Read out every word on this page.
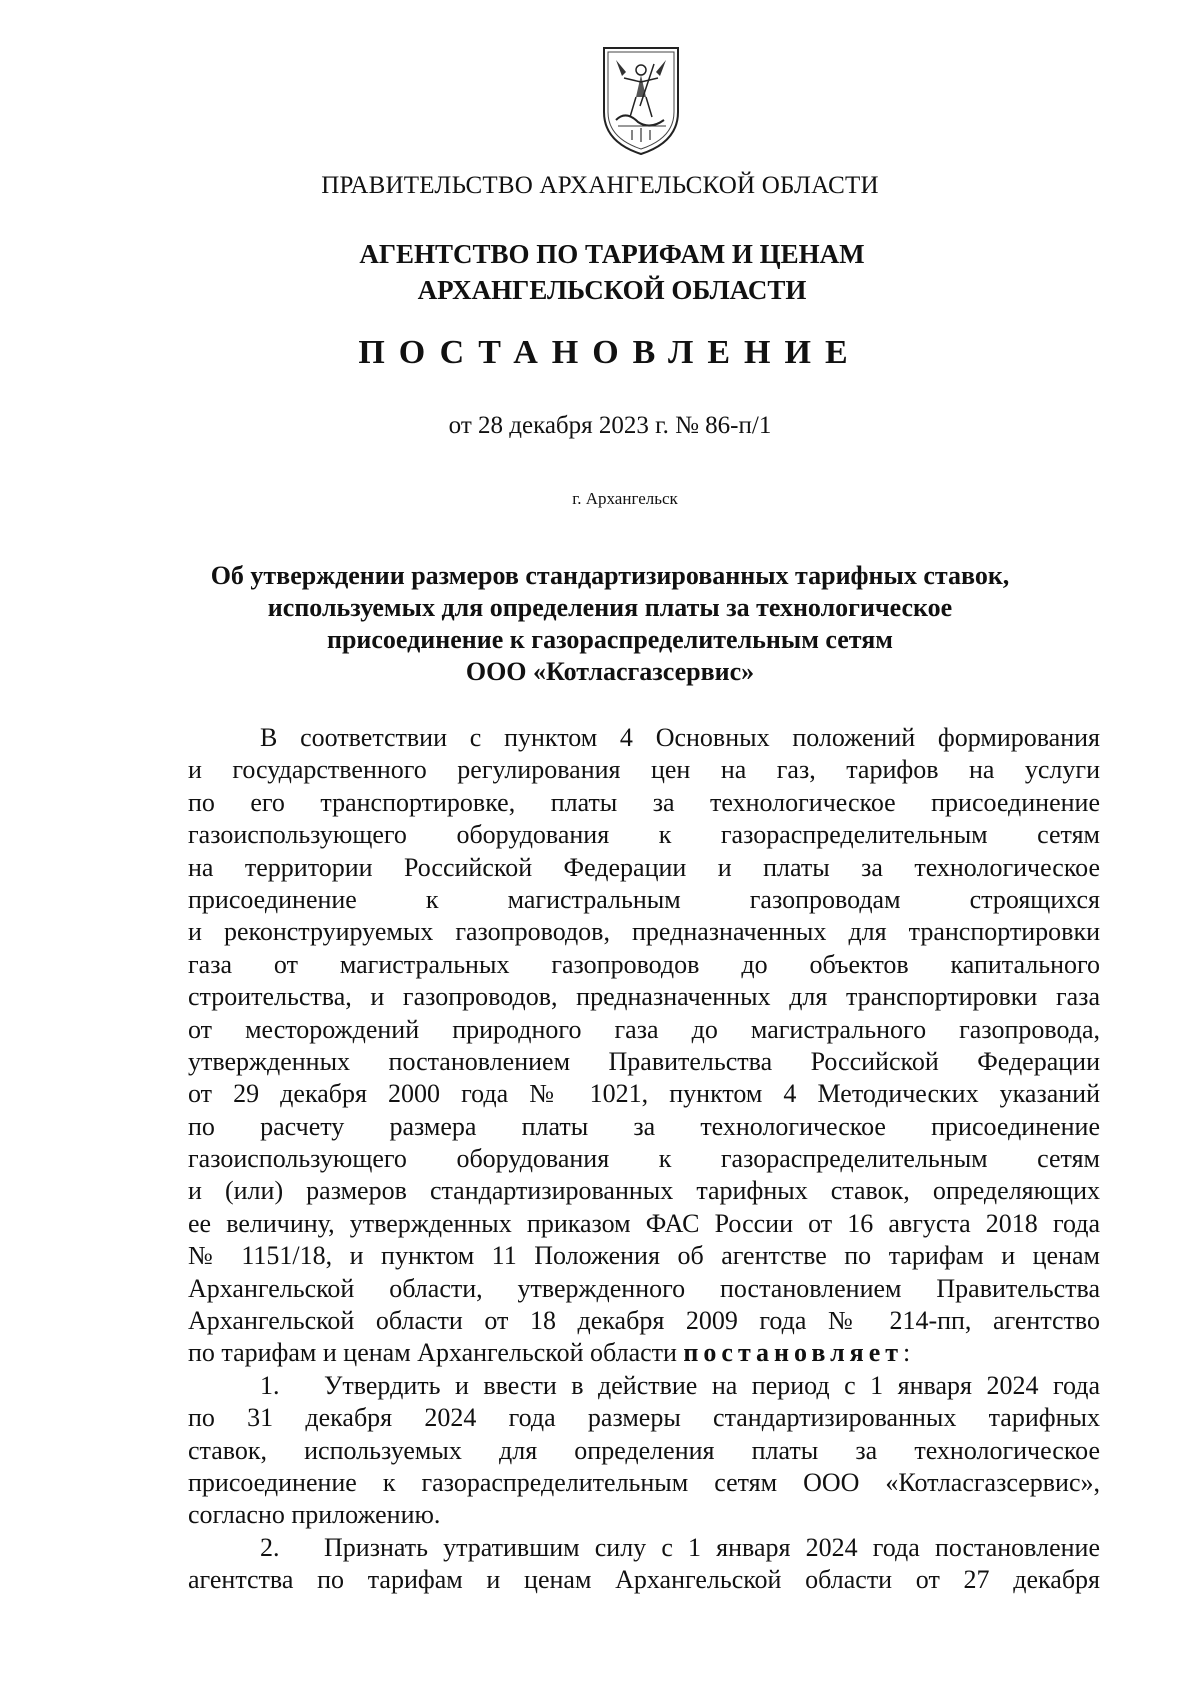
ПРАВИТЕЛЬСТВО АРХАНГЕЛЬСКОЙ ОБЛАСТИ
АГЕНТСТВО ПО ТАРИФАМ И ЦЕНАМ
АРХАНГЕЛЬСКОЙ ОБЛАСТИ
ПОСТАНОВЛЕНИЕ
от 28 декабря 2023 г. № 86-п/1
г. Архангельск
Об утверждении размеров стандартизированных тарифных ставок,
используемых для определения платы за технологическое
присоединение к газораспределительным сетям
ООО «Котласгазсервис»
В соответствии с пунктом 4 Основных положений формирования
и государственного регулирования цен на газ, тарифов на услуги
по его транспортировке, платы за технологическое присоединение
газоиспользующего оборудования к газораспределительным сетям
на территории Российской Федерации и платы за технологическое
присоединение к магистральным газопроводам строящихся
и реконструируемых газопроводов, предназначенных для транспортировки
газа от магистральных газопроводов до объектов капитального
строительства, и газопроводов, предназначенных для транспортировки газа
от месторождений природного газа до магистрального газопровода,
утвержденных постановлением Правительства Российской Федерации
от 29 декабря 2000 года № 1021, пунктом 4 Методических указаний
по расчету размера платы за технологическое присоединение
газоиспользующего оборудования к газораспределительным сетям
и (или) размеров стандартизированных тарифных ставок, определяющих
ее величину, утвержденных приказом ФАС России от 16 августа 2018 года
№ 1151/18, и пунктом 11 Положения об агентстве по тарифам и ценам
Архангельской области, утвержденного постановлением Правительства
Архангельской области от 18 декабря 2009 года № 214-пп, агентство
по тарифам и ценам Архангельской области постановляет:
1. Утвердить и ввести в действие на период с 1 января 2024 года
по 31 декабря 2024 года размеры стандартизированных тарифных
ставок, используемых для определения платы за технологическое
присоединение к газораспределительным сетям ООО «Котласгазсервис»,
согласно приложению.
2. Признать утратившим силу с 1 января 2024 года постановление
агентства по тарифам и ценам Архангельской области от 27 декабря
